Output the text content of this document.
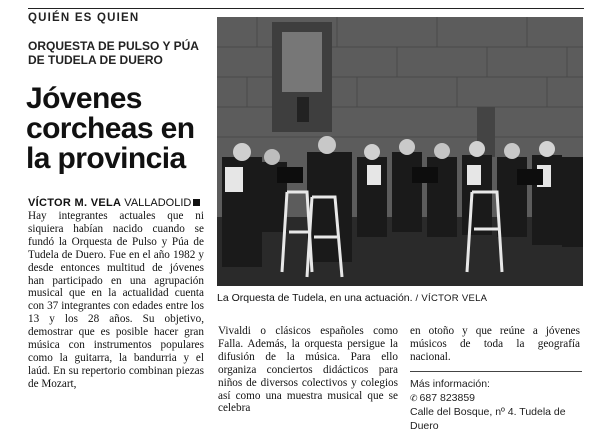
QUIÉN ES QUIEN
ORQUESTA DE PULSO Y PÚA DE TUDELA DE DUERO
Jóvenes corcheas en la provincia
VÍCTOR M. VELA VALLADOLID
Hay integrantes actuales que ni siquiera habían nacido cuando se fundó la Orquesta de Pulso y Púa de Tudela de Duero. Fue en el año 1982 y desde entonces multitud de jóvenes han participado en una agrupación musical que en la actualidad cuenta con 37 integrantes con edades entre los 13 y los 28 años. Su objetivo, demostrar que es posible hacer gran música con instrumentos populares como la guitarra, la bandurria y el laúd. En su repertorio combinan piezas de Mozart,
La Orquesta de Tudela, en una actuación. / VÍCTOR VELA
Vivaldi o clásicos españoles como Falla. Además, la orquesta persigue la difusión de la música. Para ello organiza conciertos didácticos para niños de diversos colectivos y colegios así como una muestra musical que se celebra
en otoño y que reúne a jóvenes músicos de toda la geografía nacional.
Más información:
✆ 687 823859
Calle del Bosque, nº 4. Tudela de Duero
